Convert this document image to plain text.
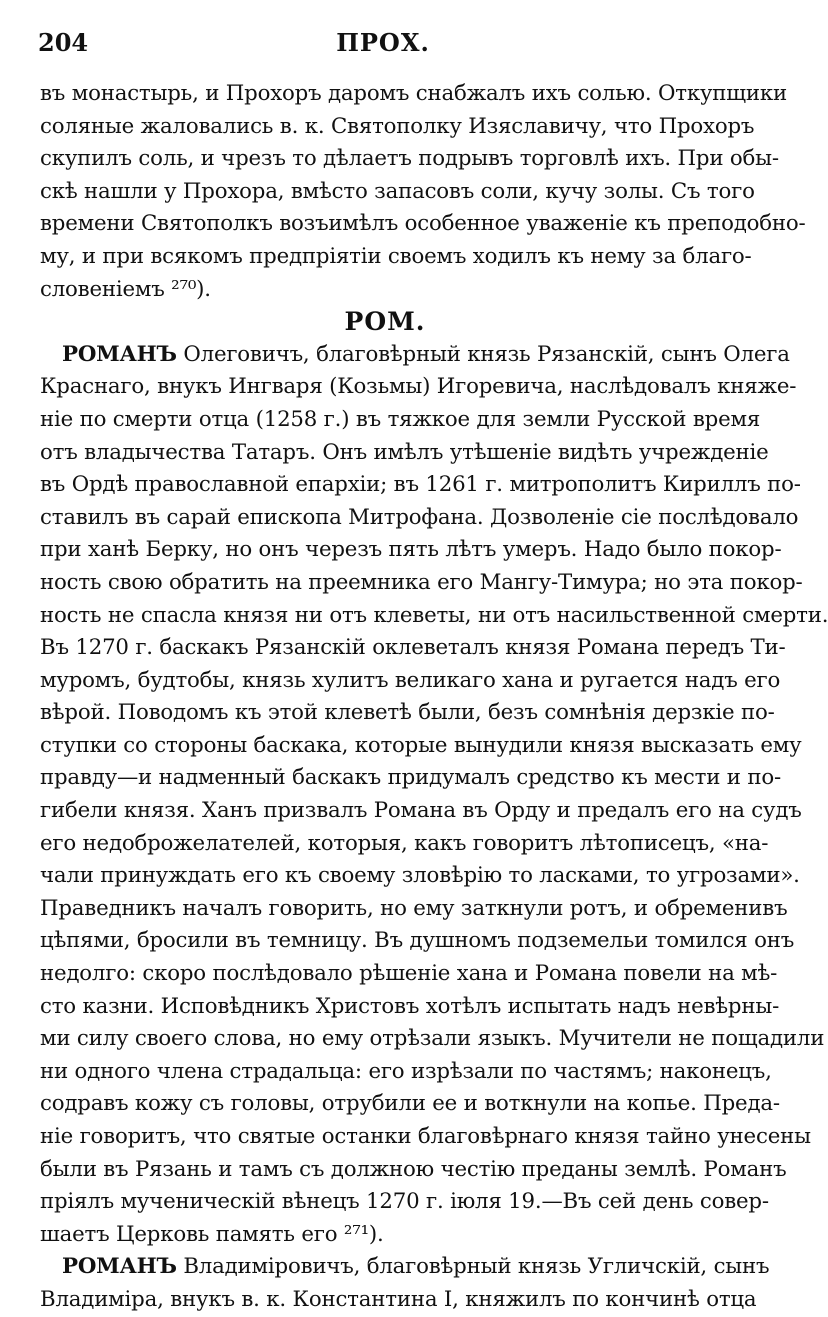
204	ПРОХ.
въ монастырь, и Прохоръ даромъ снабжалъ ихъ солью. Откупщики
соляные жаловались в. к. Святополку Изяславичу, что Прохоръ
скупилъ соль, и чрезъ то дѣлаетъ подрывъ торговлѣ ихъ. При обы-
скѣ нашли у Прохора, вмѣсто запасовъ соли, кучу золы. Съ того
времени Святополкъ возъимѣлъ особенное уваженіе къ преподобно-
му, и при всякомъ предпріятіи своемъ ходилъ къ нему за благо-
словеніемъ ²⁷⁰).
РОМ.
РОМАНЪ Олеговичъ, благовѣрный князь Рязанскій, сынъ Олега
Краснаго, внукъ Ингваря (Козьмы) Игоревича, наслѣдовалъ княже-
ніе по смерти отца (1258 г.) въ тяжкое для земли Русской время
отъ владычества Татаръ. Онъ имѣлъ утѣшеніе видѣть учрежденіе
въ Ордѣ православной епархіи; въ 1261 г. митрополитъ Кириллъ по-
ставилъ въ сарай епископа Митрофана. Дозволеніе сіе послѣдовало
при ханѣ Берку, но онъ черезъ пять лѣтъ умеръ. Надо было покор-
ность свою обратить на преемника его Мангу-Тимура; но эта покор-
ность не спасла князя ни отъ клеветы, ни отъ насильственной смерти.
Въ 1270 г. баскакъ Рязанскій оклеветалъ князя Романа передъ Ти-
муромъ, будтобы, князь хулитъ великаго хана и ругается надъ его
вѣрой. Поводомъ къ этой клеветѣ были, безъ сомнѣнія дерзкіе по-
ступки со стороны баскака, которые вынудили князя высказать ему
правду—и надменный баскакъ придумалъ средство къ мести и по-
гибели князя. Ханъ призвалъ Романа въ Орду и предалъ его на судъ
его недоброжелателей, которыя, какъ говоритъ лѣтописецъ, «на-
чали принуждать его къ своему зловѣрію то ласками, то угрозами».
Праведникъ началъ говорить, но ему заткнули ротъ, и обременивъ
цѣпями, бросили въ темницу. Въ душномъ подземельи томился онъ
недолго: скоро послѣдовало рѣшеніе хана и Романа повели на мѣ-
сто казни. Исповѣдникъ Христовъ хотѣлъ испытать надъ невѣрны-
ми силу своего слова, но ему отрѣзали языкъ. Мучители не пощадили
ни одного члена страдальца: его изрѣзали по частямъ; наконецъ,
содравъ кожу съ головы, отрубили ее и воткнули на копье. Преда-
ніе говоритъ, что святые останки благовѣрнаго князя тайно унесены
были въ Рязань и тамъ съ должною честію преданы землѣ. Романъ
пріялъ мученическій вѣнецъ 1270 г. іюля 19.—Въ сей день совер-
шаетъ Церковь память его ²⁷¹).
РОМАНЪ Владиміровичъ, благовѣрный князь Угличскій, сынъ
Владиміра, внукъ в. к. Константина I, княжилъ по кончинѣ отца
